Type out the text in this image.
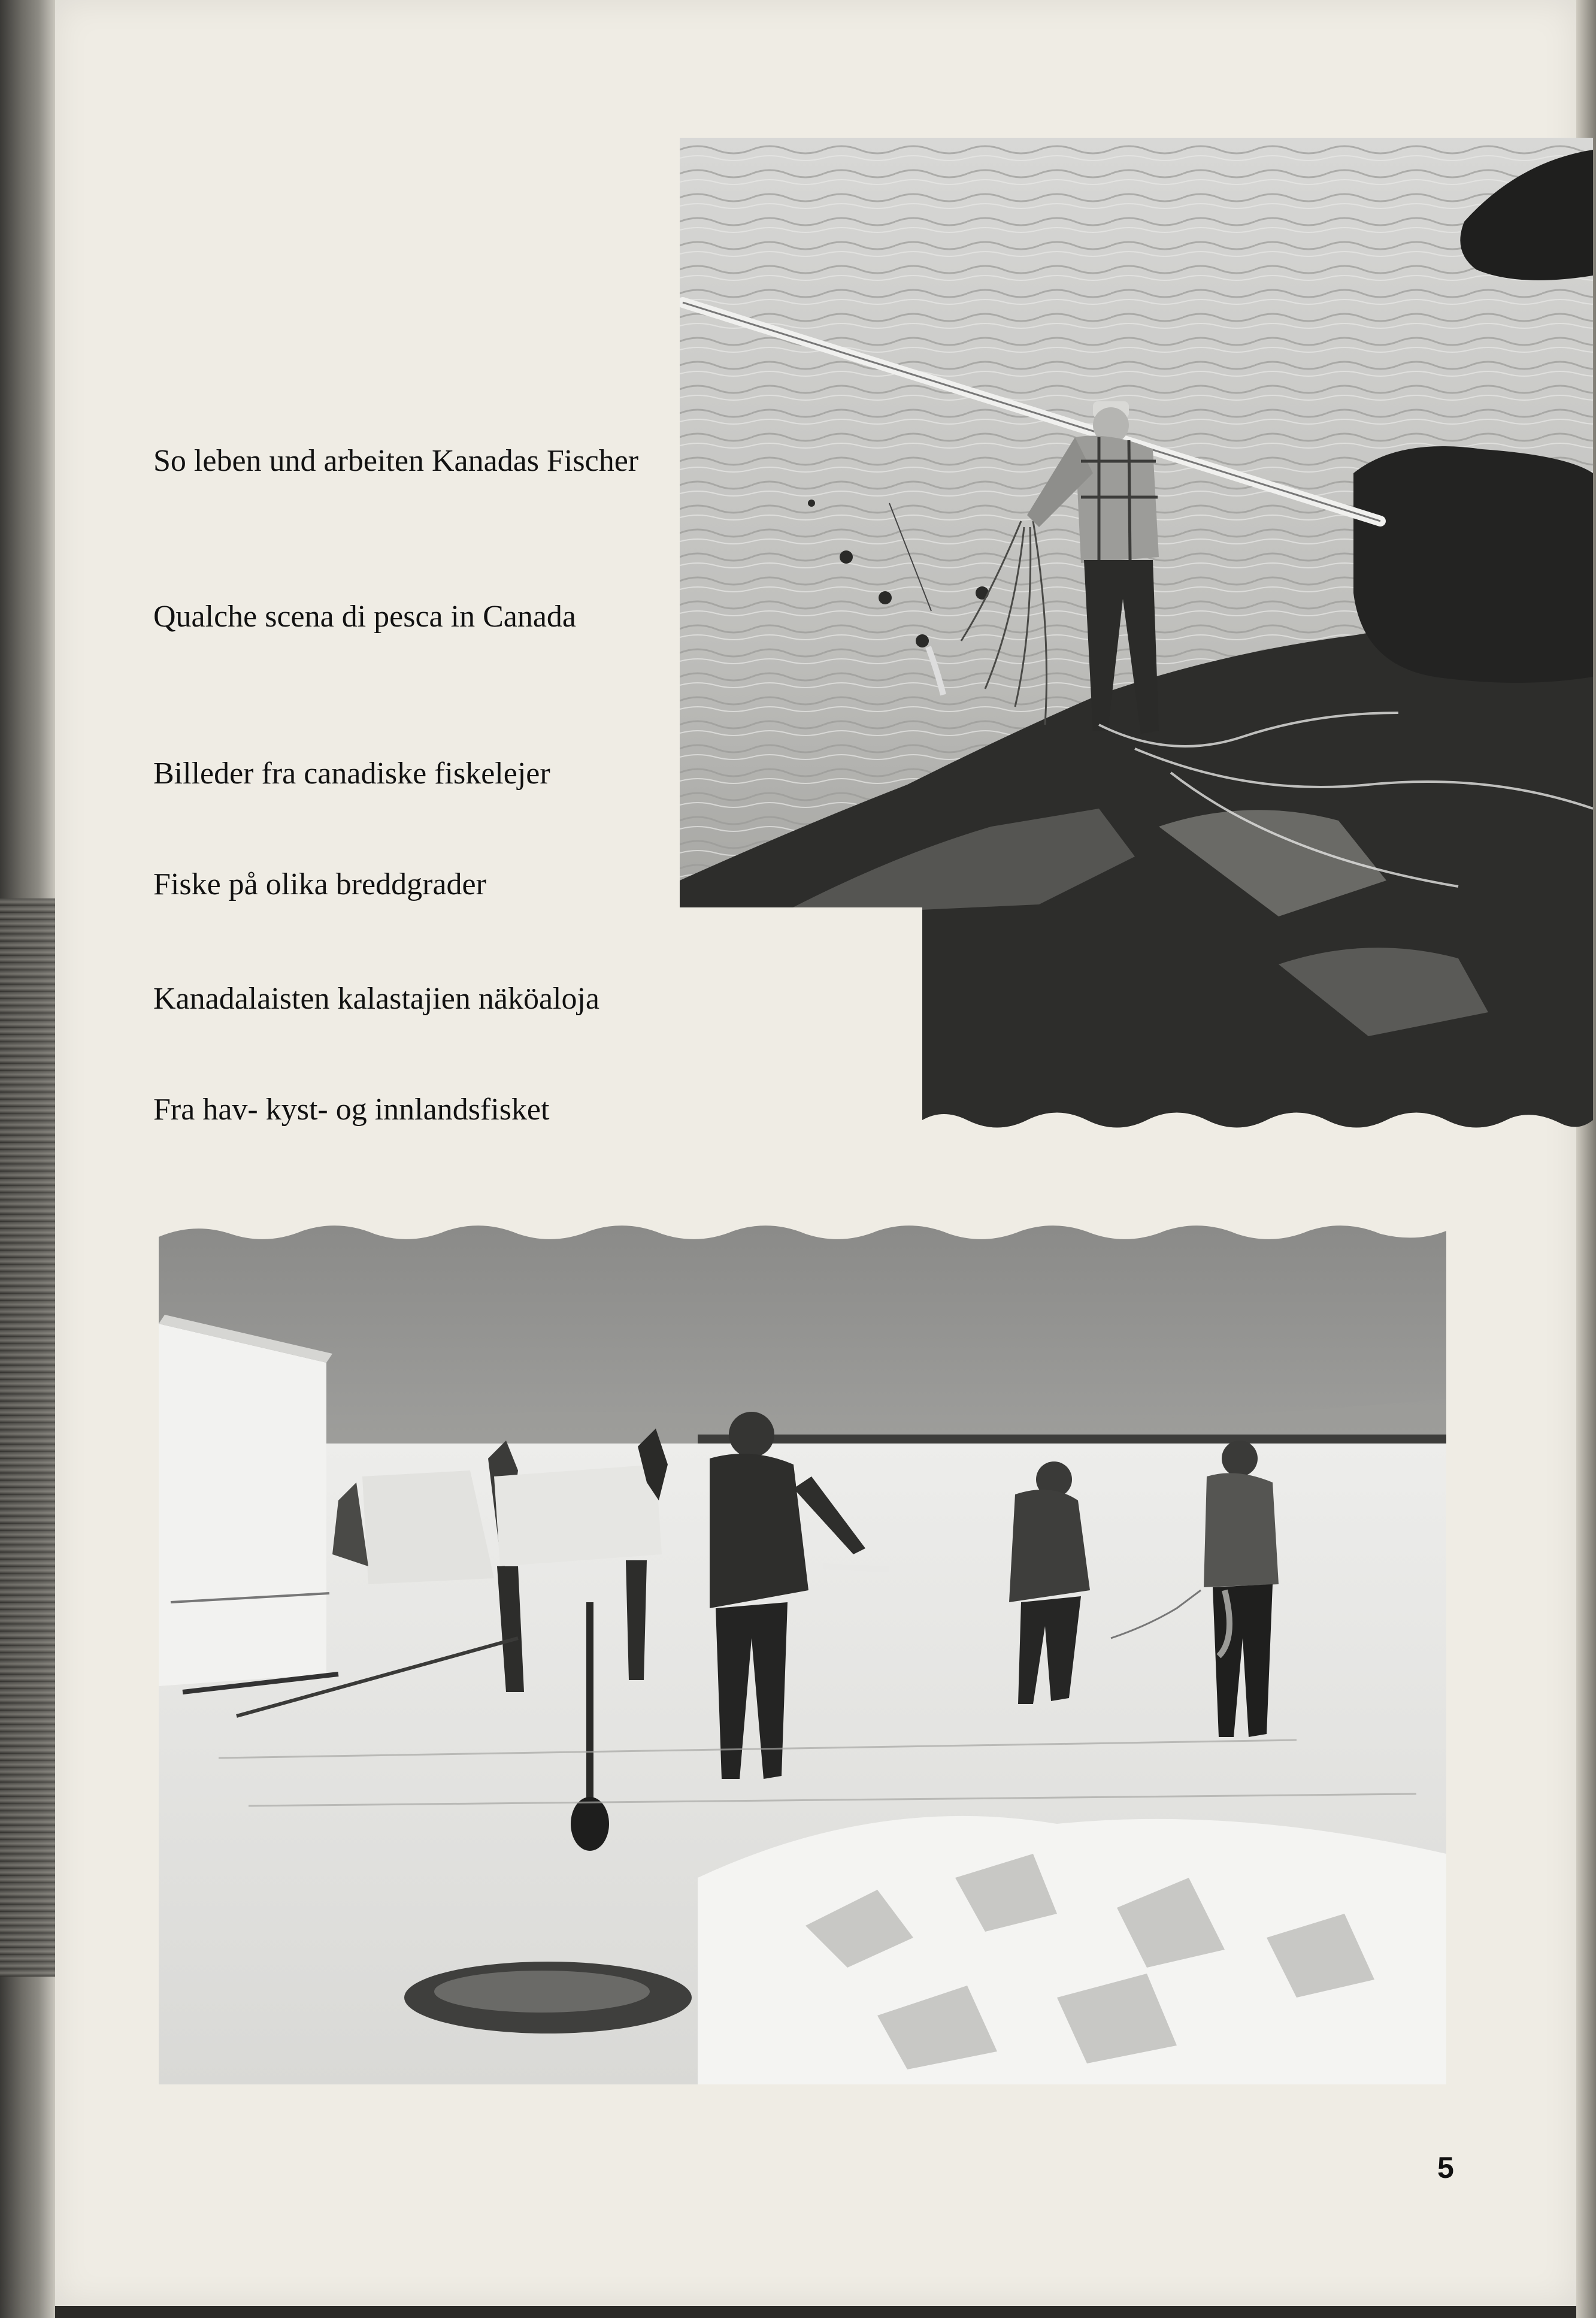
So leben und arbeiten Kanadas Fischer

Qualche scena di pesca in Canada

Billeder fra canadiske fiskelejer

Fiske på olika breddgrader

Kanadalaisten kalastajien näköaloja

Fra hav- kyst- og innlandsfisket

5
